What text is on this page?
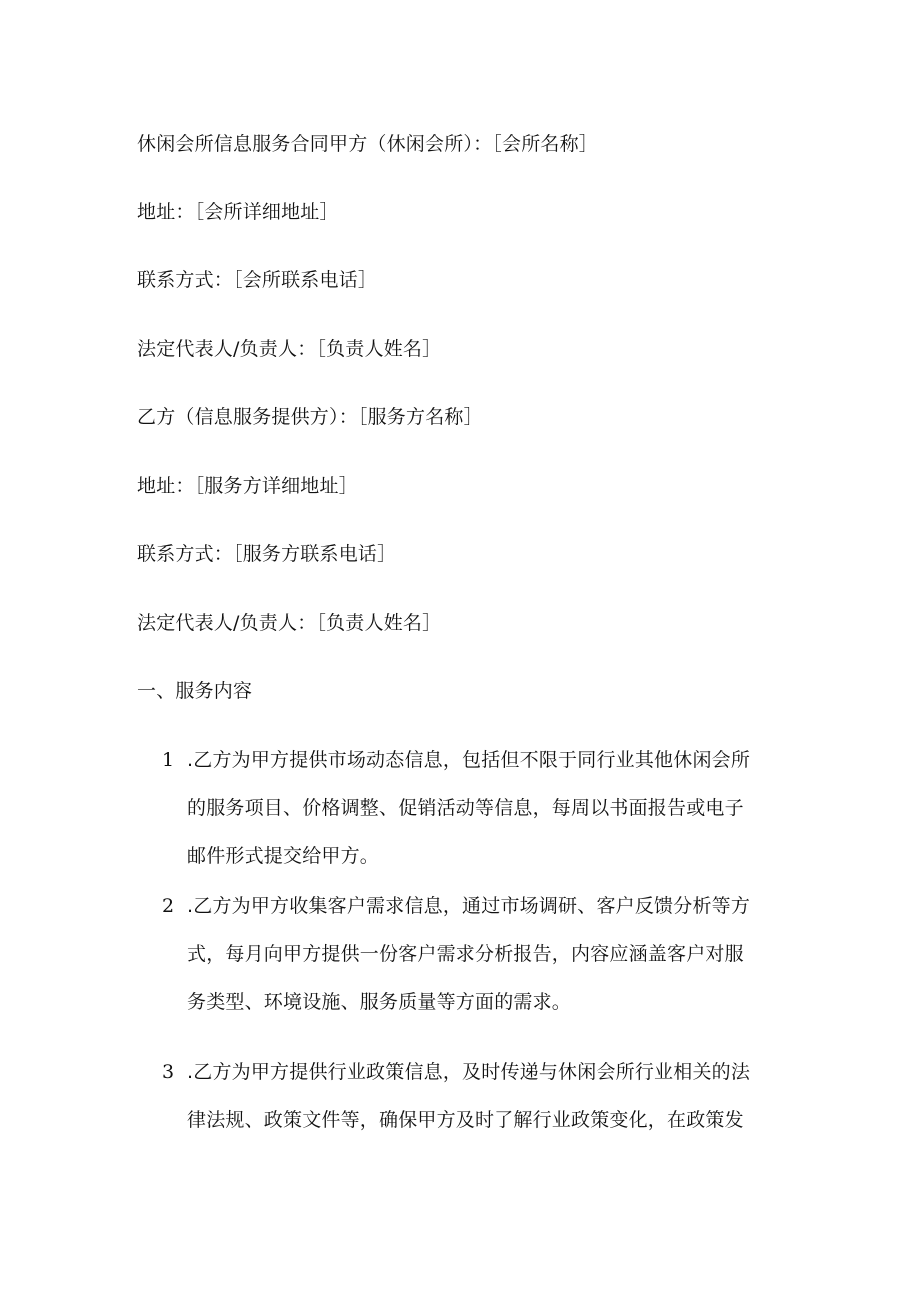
休闲会所信息服务合同甲方（休闲会所）：［会所名称］
地址：［会所详细地址］
联系方式：［会所联系电话］
法定代表人/负责人：［负责人姓名］
乙方（信息服务提供方）：［服务方名称］
地址：［服务方详细地址］
联系方式：［服务方联系电话］
法定代表人/负责人：［负责人姓名］
一、服务内容
1 .乙方为甲方提供市场动态信息，包括但不限于同行业其他休闲会所
的服务项目、价格调整、促销活动等信息，每周以书面报告或电子
邮件形式提交给甲方。
2 .乙方为甲方收集客户需求信息，通过市场调研、客户反馈分析等方
式，每月向甲方提供一份客户需求分析报告，内容应涵盖客户对服
务类型、环境设施、服务质量等方面的需求。
3 .乙方为甲方提供行业政策信息，及时传递与休闲会所行业相关的法
律法规、政策文件等，确保甲方及时了解行业政策变化，在政策发
